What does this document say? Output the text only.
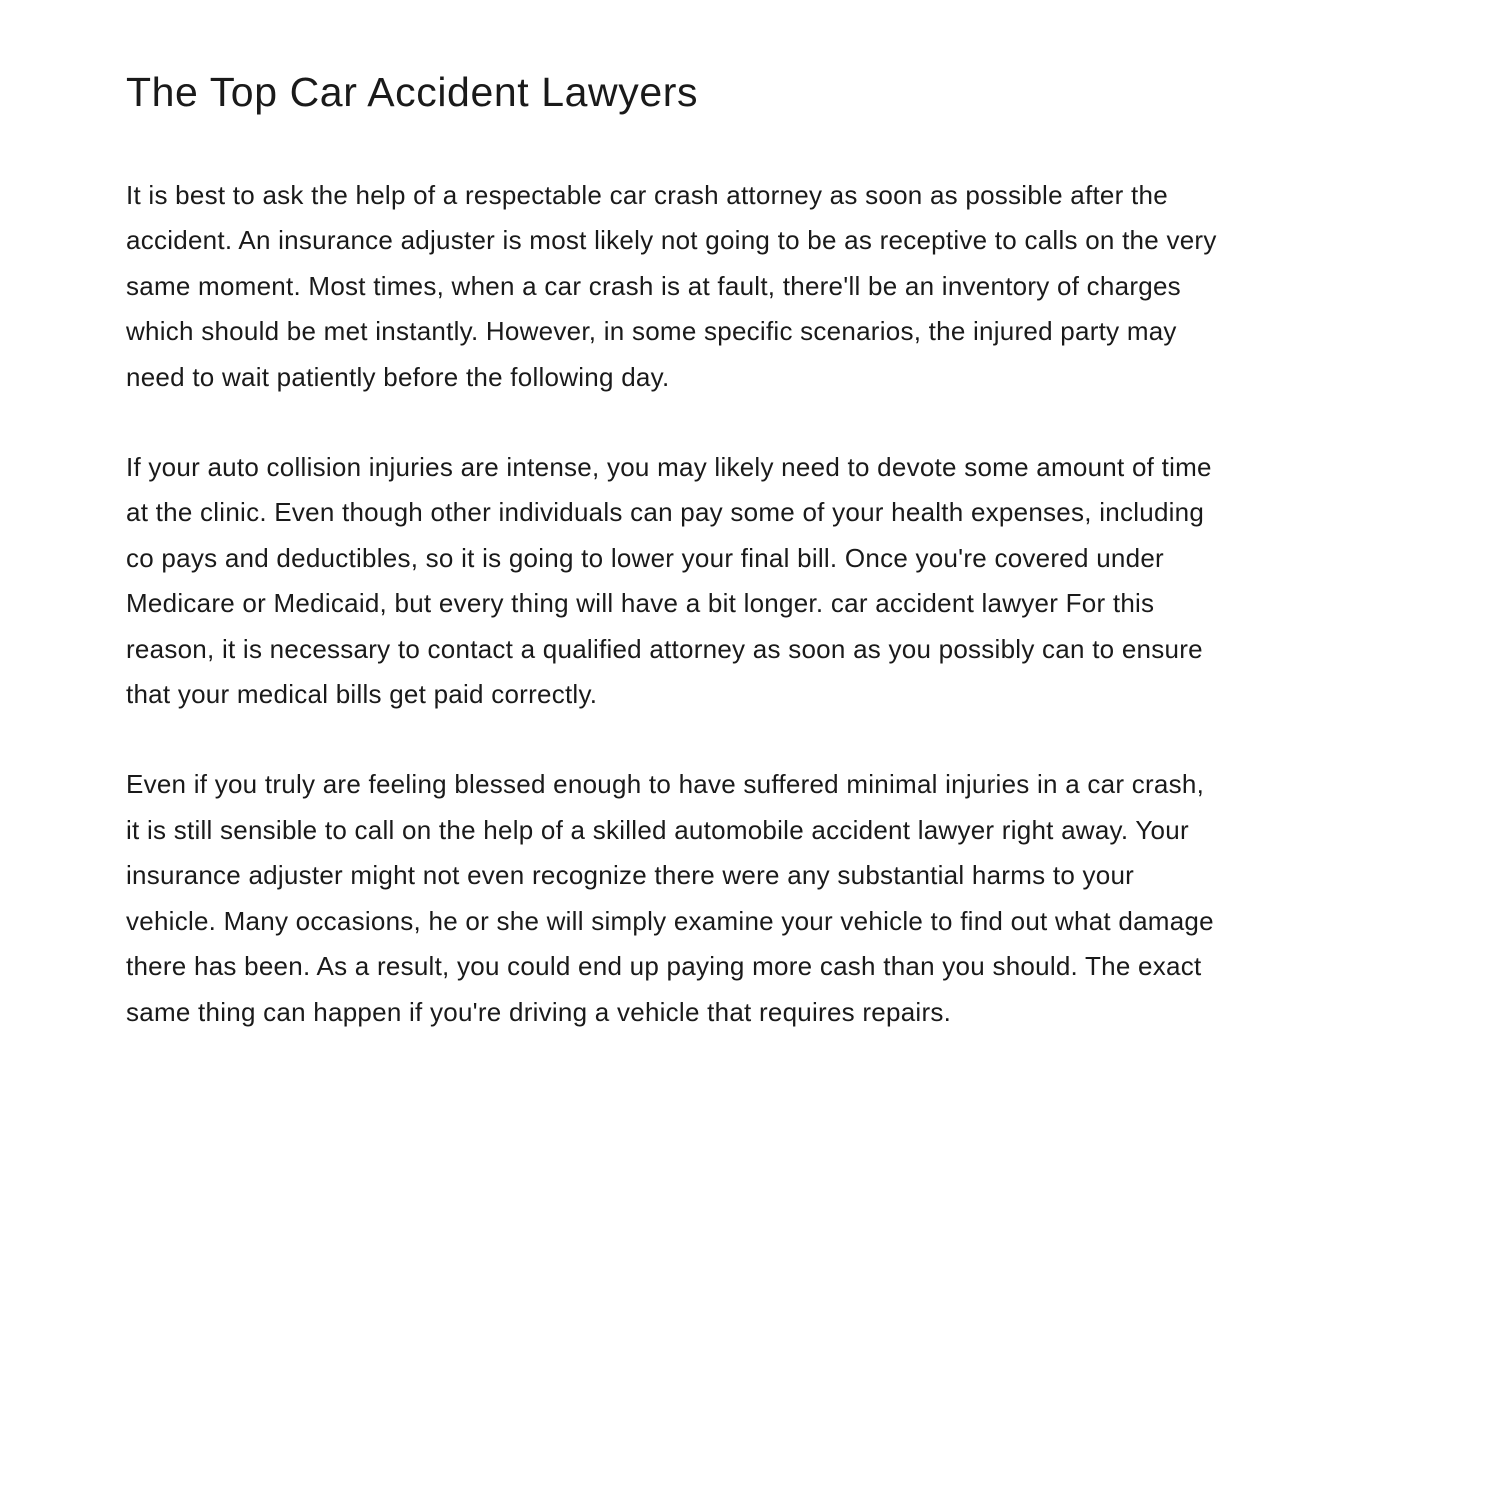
The Top Car Accident Lawyers

It is best to ask the help of a respectable car crash attorney as soon as possible after the
accident. An insurance adjuster is most likely not going to be as receptive to calls on the very
same moment. Most times, when a car crash is at fault, there'll be an inventory of charges
which should be met instantly. However, in some specific scenarios, the injured party may
need to wait patiently before the following day.

If your auto collision injuries are intense, you may likely need to devote some amount of time
at the clinic. Even though other individuals can pay some of your health expenses, including
co pays and deductibles, so it is going to lower your final bill. Once you're covered under
Medicare or Medicaid, but every thing will have a bit longer. car accident lawyer For this
reason, it is necessary to contact a qualified attorney as soon as you possibly can to ensure
that your medical bills get paid correctly.

Even if you truly are feeling blessed enough to have suffered minimal injuries in a car crash,
it is still sensible to call on the help of a skilled automobile accident lawyer right away. Your
insurance adjuster might not even recognize there were any substantial harms to your
vehicle. Many occasions, he or she will simply examine your vehicle to find out what damage
there has been. As a result, you could end up paying more cash than you should. The exact
same thing can happen if you're driving a vehicle that requires repairs.
